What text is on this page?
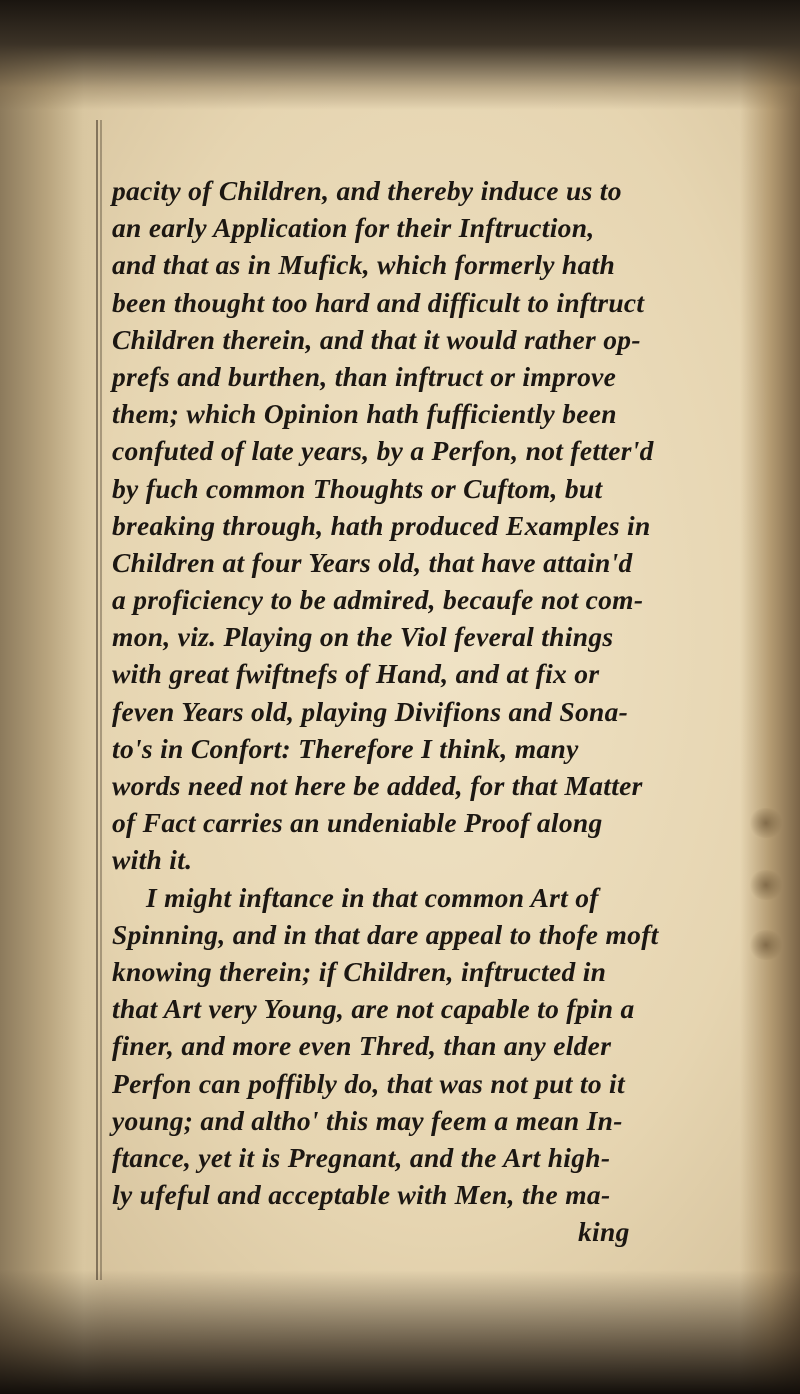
pacity of Children, and thereby induce us to
an early Application for their Inftruction,
and that as in Mufick, which formerly hath
been thought too hard and difficult to inftruct
Children therein, and that it would rather op-
prefs and burthen, than inftruct or improve
them; which Opinion hath fufficiently been
confuted of late years, by a Perfon, not fetter'd
by fuch common Thoughts or Cuftom, but
breaking through, hath produced Examples in
Children at four Years old, that have attain'd
a proficiency to be admired, becaufe not com-
mon, viz. Playing on the Viol feveral things
with great fwiftnefs of Hand, and at fix or
feven Years old, playing Divifions and Sona-
to's in Confort: Therefore I think, many
words need not here be added, for that Matter
of Fact carries an undeniable Proof along
with it.
I might inftance in that common Art of
Spinning, and in that dare appeal to thofe moft
knowing therein; if Children, inftructed in
that Art very Young, are not capable to fpin a
finer, and more even Thred, than any elder
Perfon can poffibly do, that was not put to it
young; and altho' this may feem a mean In-
ftance, yet it is Pregnant, and the Art high-
ly ufeful and acceptable with Men, the ma-
king
